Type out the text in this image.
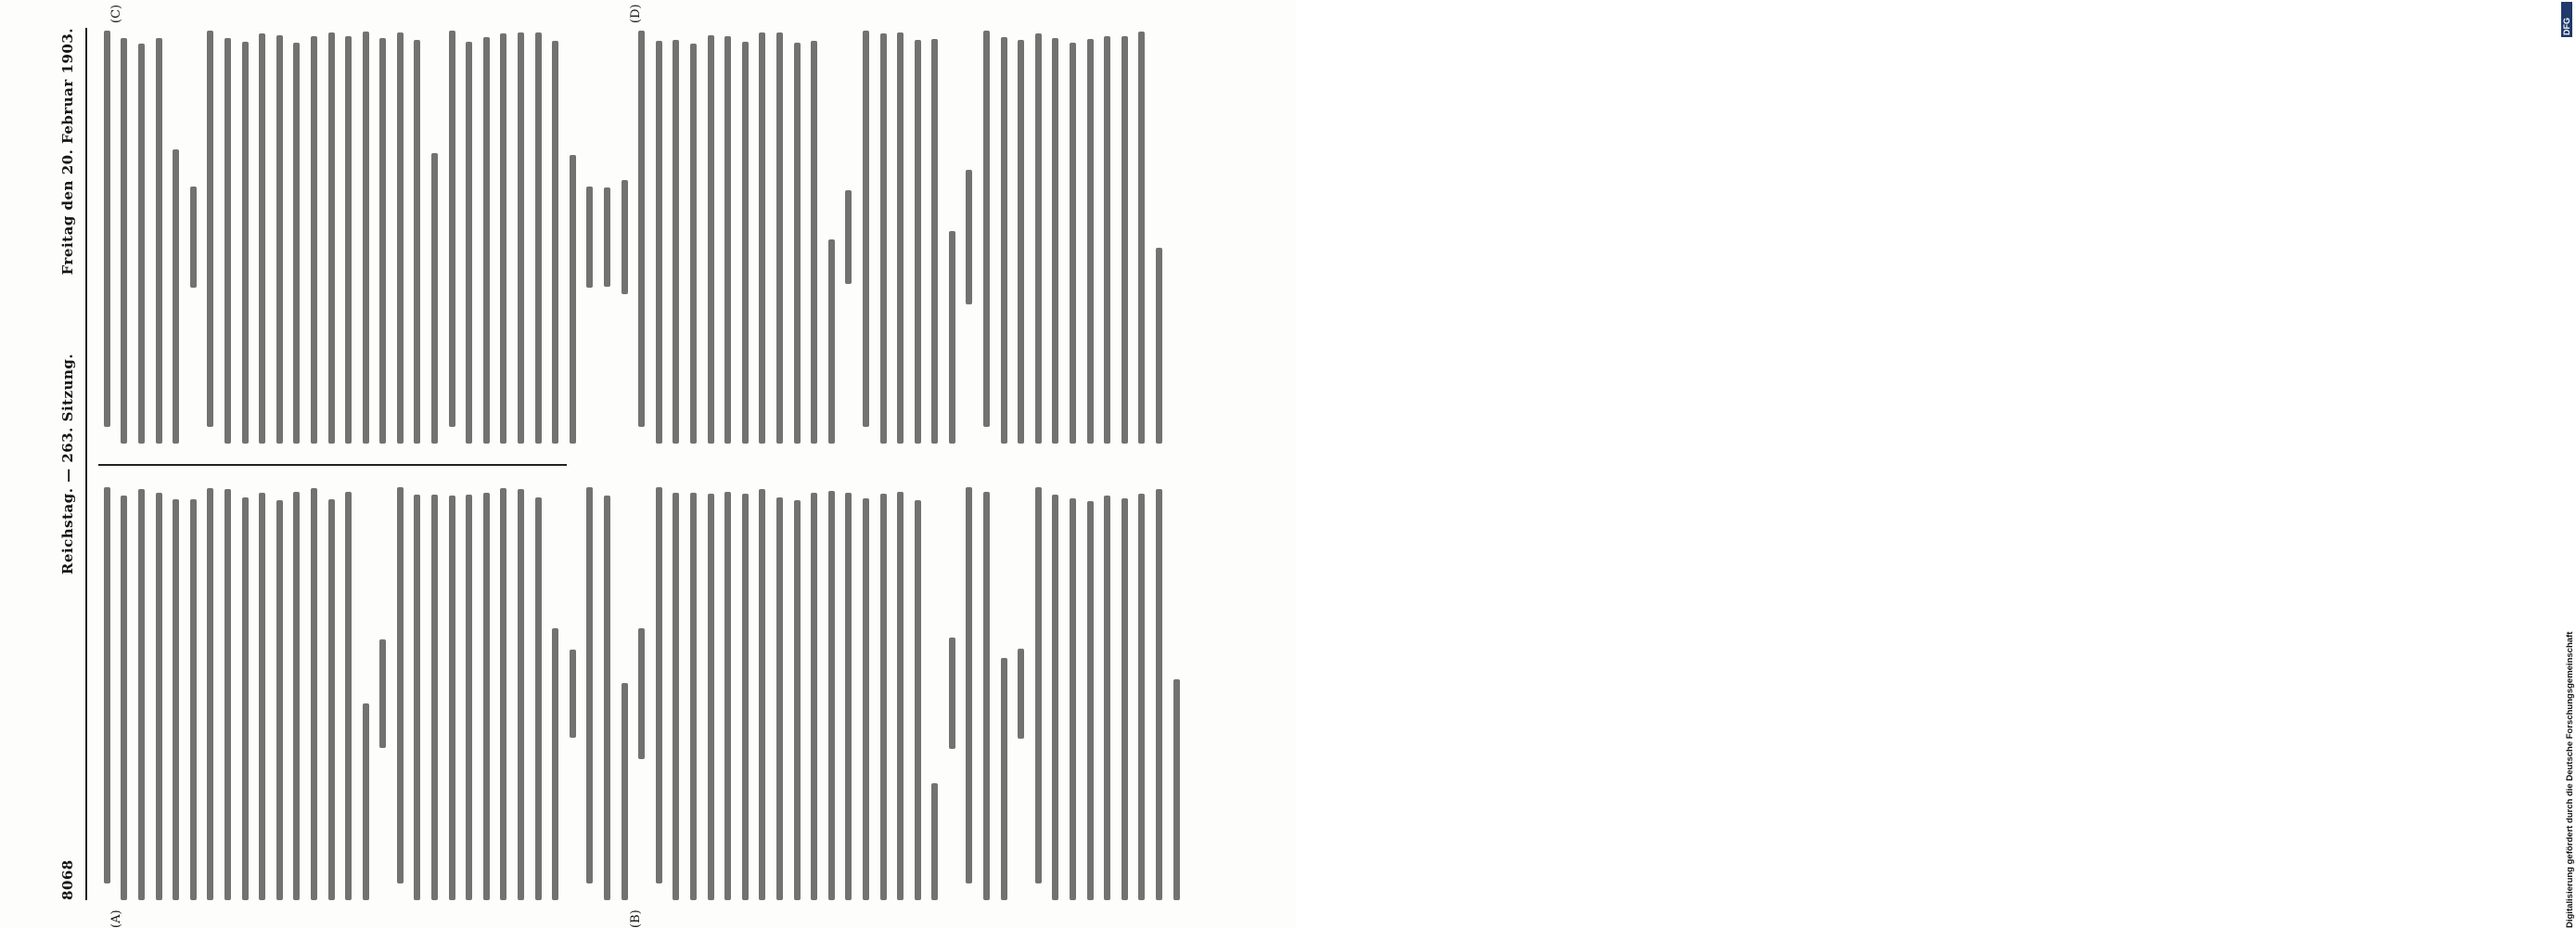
8068
Reichstag. — 263. Sitzung.
Freitag den 20. Februar 1903.
(A)	(B)
(C)	(D)
DFG
Digitalisierung gefördert durch die Deutsche Forschungsgemeinschaft
